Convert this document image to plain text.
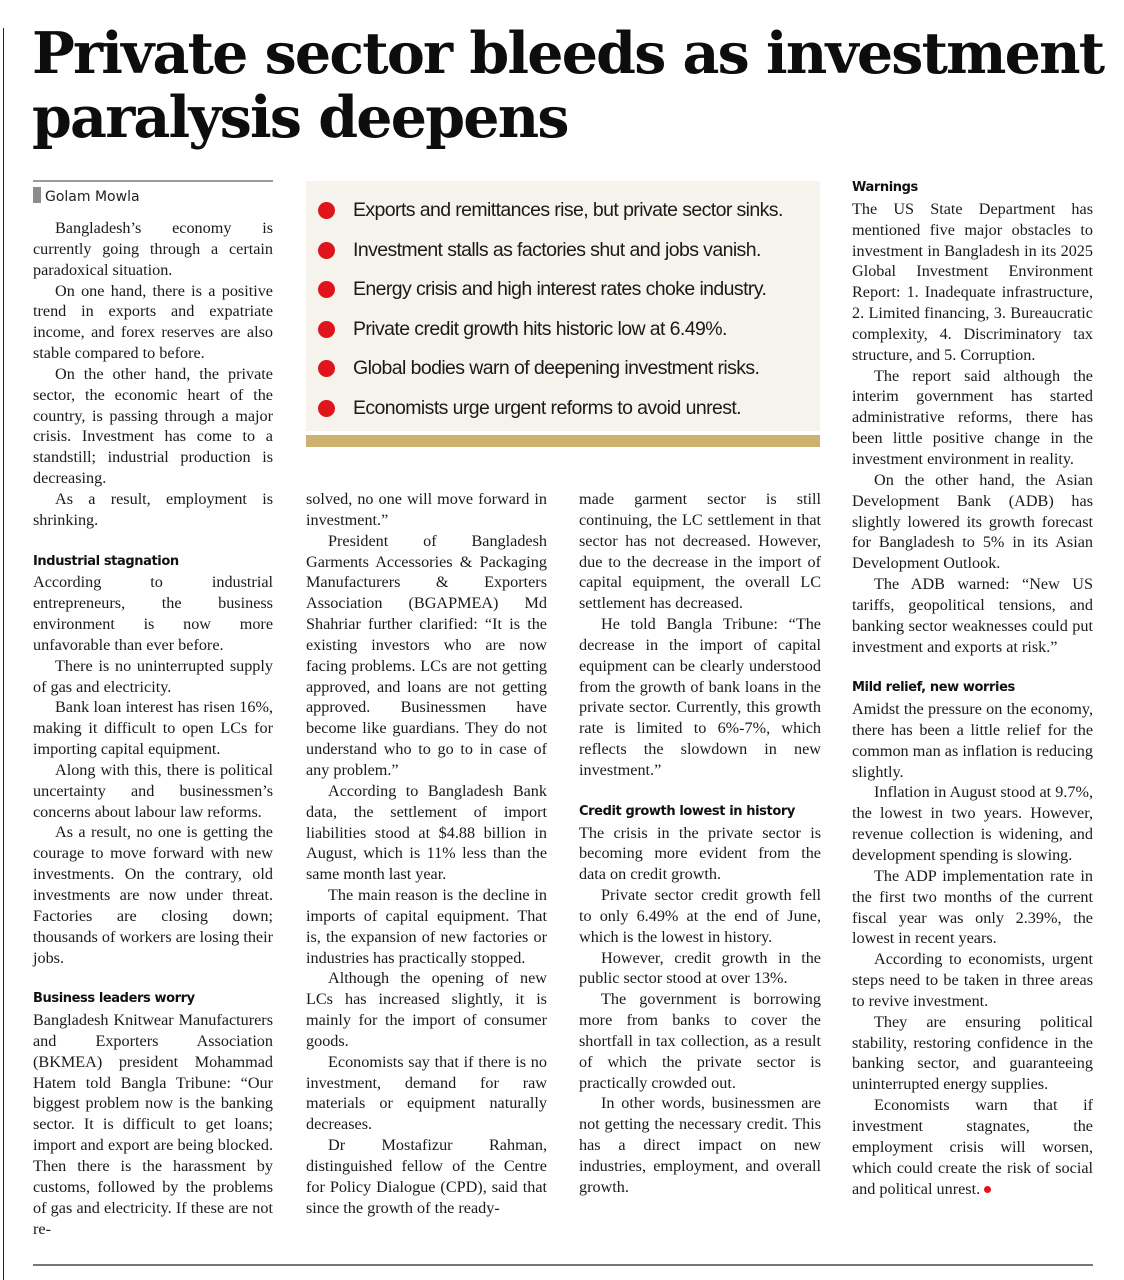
Private sector bleeds as investment paralysis deepens
Golam Mowla

Bangladesh’s economy is currently going through a certain paradoxical situation.

On one hand, there is a positive trend in exports and expatriate income, and forex reserves are also stable compared to before.

On the other hand, the private sector, the economic heart of the country, is passing through a major crisis. Investment has come to a standstill; industrial production is decreasing.

As a result, employment is shrinking.

Industrial stagnation

According to industrial entrepreneurs, the business environment is now more unfavorable than ever before.

There is no uninterrupted supply of gas and electricity.

Bank loan interest has risen 16%, making it difficult to open LCs for importing capital equipment.

Along with this, there is political uncertainty and businessmen’s concerns about labour law reforms.

As a result, no one is getting the courage to move forward with new investments. On the contrary, old investments are now under threat. Factories are closing down; thousands of workers are losing their jobs.

Business leaders worry

Bangladesh Knitwear Manufacturers and Exporters Association (BKMEA) president Mohammad Hatem told Bangla Tribune: “Our biggest problem now is the banking sector. It is difficult to get loans; import and export are being blocked. Then there is the harassment by customs, followed by the problems of gas and electricity. If these are not re-

Exports and remittances rise, but private sector sinks.
Investment stalls as factories shut and jobs vanish.
Energy crisis and high interest rates choke industry.
Private credit growth hits historic low at 6.49%.
Global bodies warn of deepening investment risks.
Economists urge urgent reforms to avoid unrest.

solved, no one will move forward in investment.”

President of Bangladesh Garments Accessories & Packaging Manufacturers & Exporters Association (BGAPMEA) Md Shahriar further clarified: “It is the existing investors who are now facing problems. LCs are not getting approved, and loans are not getting approved. Businessmen have become like guardians. They do not understand who to go to in case of any problem.”

According to Bangladesh Bank data, the settlement of import liabilities stood at $4.88 billion in August, which is 11% less than the same month last year.

The main reason is the decline in imports of capital equipment. That is, the expansion of new factories or industries has practically stopped.

Although the opening of new LCs has increased slightly, it is mainly for the import of consumer goods.

Economists say that if there is no investment, demand for raw materials or equipment naturally decreases.

Dr Mostafizur Rahman, distinguished fellow of the Centre for Policy Dialogue (CPD), said that since the growth of the ready-

made garment sector is still continuing, the LC settlement in that sector has not decreased. However, due to the decrease in the import of capital equipment, the overall LC settlement has decreased.

He told Bangla Tribune: “The decrease in the import of capital equipment can be clearly understood from the growth of bank loans in the private sector. Currently, this growth rate is limited to 6%-7%, which reflects the slowdown in new investment.”

Credit growth lowest in history

The crisis in the private sector is becoming more evident from the data on credit growth.

Private sector credit growth fell to only 6.49% at the end of June, which is the lowest in history.

However, credit growth in the public sector stood at over 13%.

The government is borrowing more from banks to cover the shortfall in tax collection, as a result of which the private sector is practically crowded out.

In other words, businessmen are not getting the necessary credit. This has a direct impact on new industries, employment, and overall growth.

Warnings

The US State Department has mentioned five major obstacles to investment in Bangladesh in its 2025 Global Investment Environment Report: 1. Inadequate infrastructure, 2. Limited financing, 3. Bureaucratic complexity, 4. Discriminatory tax structure, and 5. Corruption.

The report said although the interim government has started administrative reforms, there has been little positive change in the investment environment in reality.

On the other hand, the Asian Development Bank (ADB) has slightly lowered its growth forecast for Bangladesh to 5% in its Asian Development Outlook.

The ADB warned: “New US tariffs, geopolitical tensions, and banking sector weaknesses could put investment and exports at risk.”

Mild relief, new worries

Amidst the pressure on the economy, there has been a little relief for the common man as inflation is reducing slightly.

Inflation in August stood at 9.7%, the lowest in two years. However, revenue collection is widening, and development spending is slowing.

The ADP implementation rate in the first two months of the current fiscal year was only 2.39%, the lowest in recent years.

According to economists, urgent steps need to be taken in three areas to revive investment.

They are ensuring political stability, restoring confidence in the banking sector, and guaranteeing uninterrupted energy supplies.

Economists warn that if investment stagnates, the employment crisis will worsen, which could create the risk of social and political unrest.
